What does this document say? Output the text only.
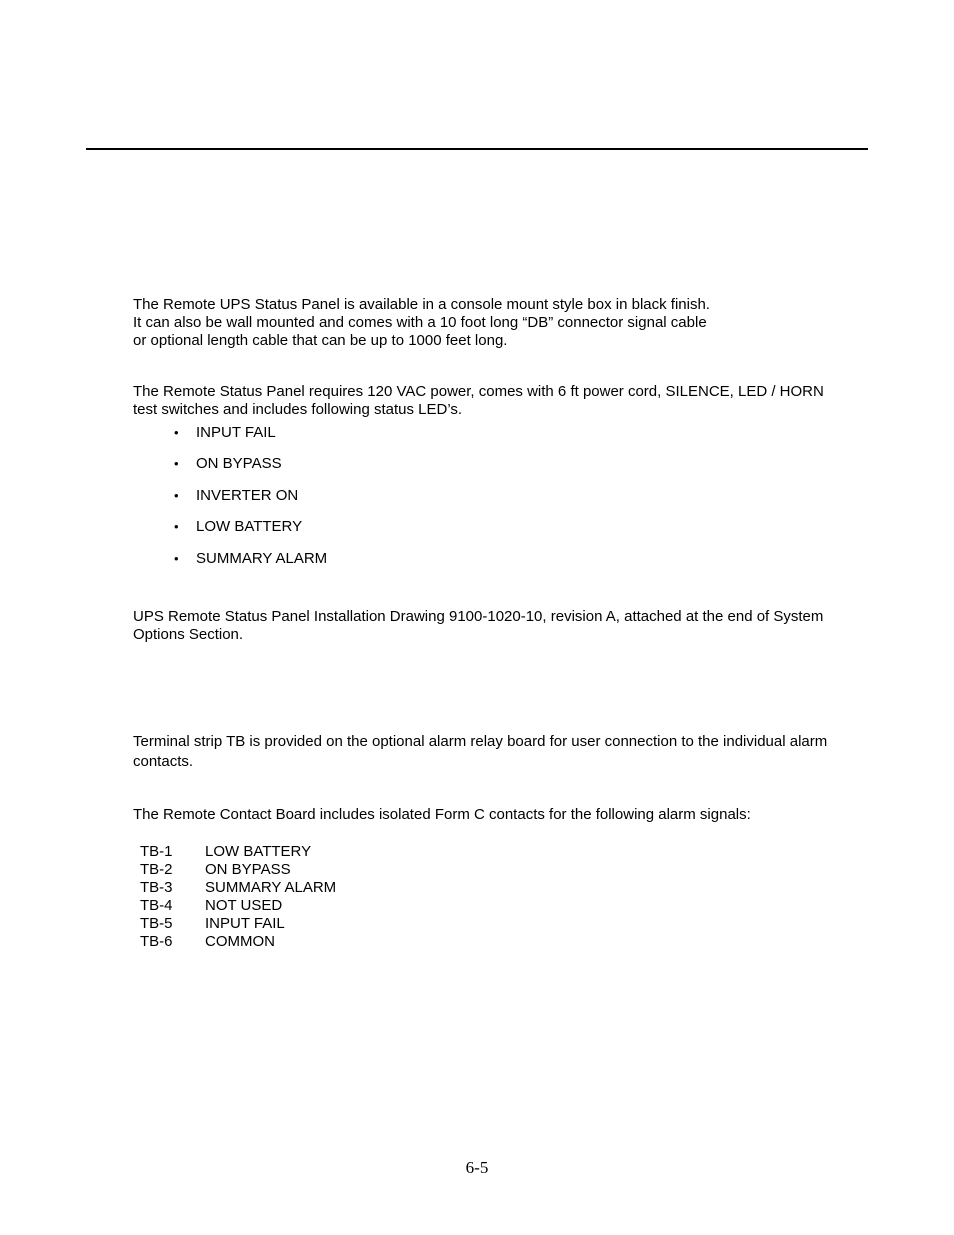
The Remote UPS Status Panel is available in a console mount style box in black finish.
It can also be wall mounted and comes with a 10 foot long “DB” connector signal cable
or optional length cable that can be up to 1000 feet long.

The Remote Status Panel requires 120 VAC power, comes with 6 ft power cord, SILENCE, LED / HORN
test switches and includes following status LED’s.

• INPUT FAIL
• ON BYPASS
• INVERTER ON
• LOW BATTERY
• SUMMARY ALARM

UPS Remote Status Panel Installation Drawing 9100-1020-10, revision A, attached at the end of System
Options Section.

Terminal strip TB is provided on the optional alarm relay board for user connection to the individual alarm
contacts.

The Remote Contact Board includes isolated Form C contacts for the following alarm signals:

TB-1	LOW BATTERY
TB-2	ON BYPASS
TB-3	SUMMARY ALARM
TB-4	NOT USED
TB-5	INPUT FAIL
TB-6	COMMON
6-5
